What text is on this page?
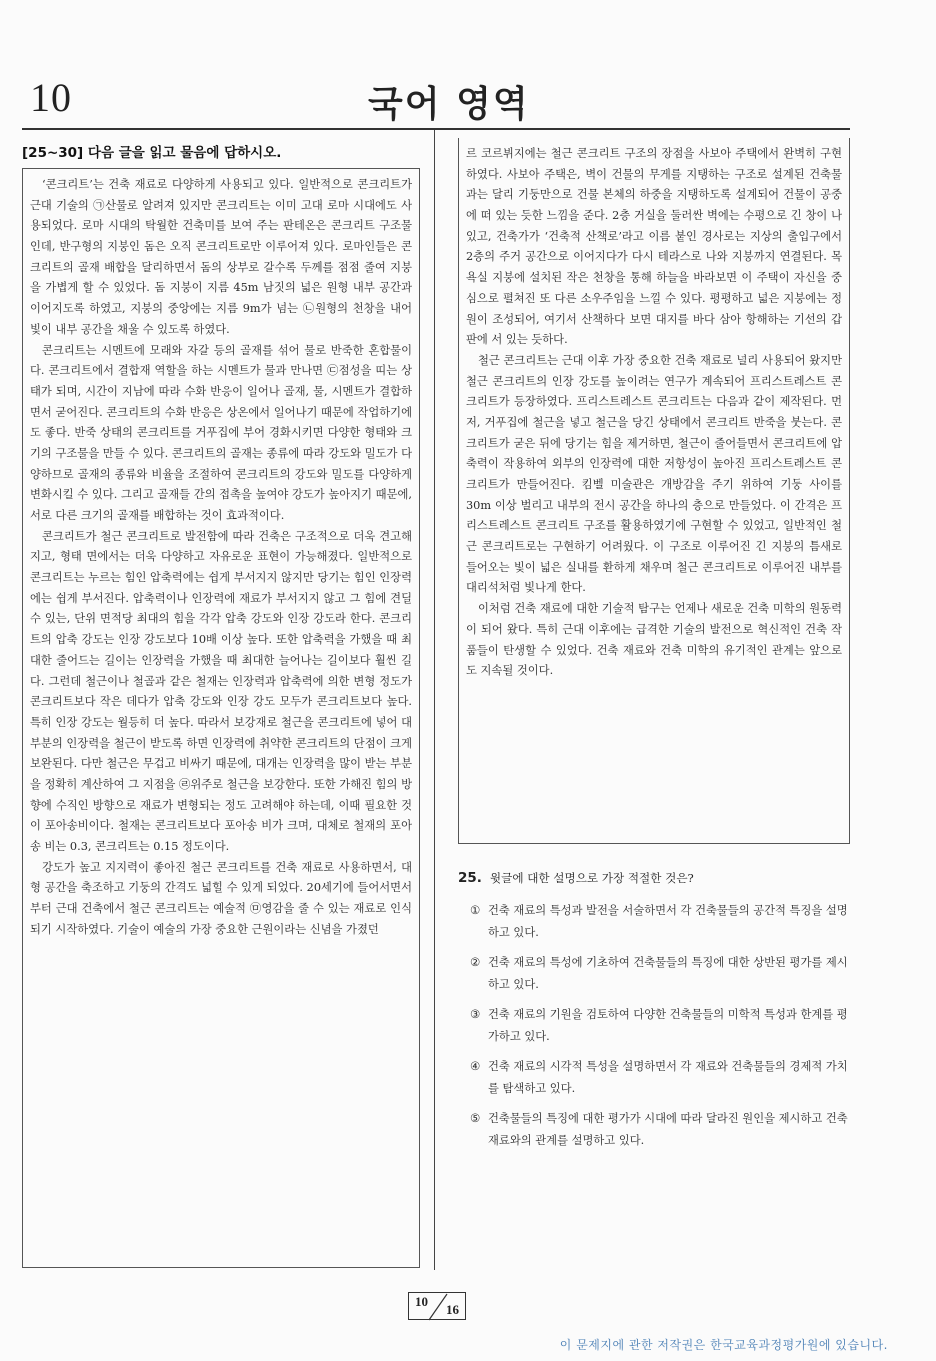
10	국어 영역
[25~30] 다음 글을 읽고 물음에 답하시오.

‘콘크리트’는 건축 재료로 다양하게 사용되고 있다. 일반적으로 콘크리트가 근대 기술의 ㉠산물로 알려져 있지만 콘크리트는 이미 고대 로마 시대에도 사용되었다. 로마 시대의 탁월한 건축미를 보여 주는 판테온은 콘크리트 구조물인데, 반구형의 지붕인 돔은 오직 콘크리트로만 이루어져 있다. 로마인들은 콘크리트의 골재 배합을 달리하면서 돔의 상부로 갈수록 두께를 점점 줄여 지붕을 가볍게 할 수 있었다. 돔 지붕이 지름 45m 남짓의 넓은 원형 내부 공간과 이어지도록 하였고, 지붕의 중앙에는 지름 9m가 넘는 ㉡원형의 천창을 내어 빛이 내부 공간을 채울 수 있도록 하였다.

콘크리트는 시멘트에 모래와 자갈 등의 골재를 섞어 물로 반죽한 혼합물이다. 콘크리트에서 결합재 역할을 하는 시멘트가 물과 만나면 ㉢점성을 띠는 상태가 되며, 시간이 지남에 따라 수화 반응이 일어나 골재, 물, 시멘트가 결합하면서 굳어진다. 콘크리트의 수화 반응은 상온에서 일어나기 때문에 작업하기에도 좋다. 반죽 상태의 콘크리트를 거푸집에 부어 경화시키면 다양한 형태와 크기의 구조물을 만들 수 있다. 콘크리트의 골재는 종류에 따라 강도와 밀도가 다양하므로 골재의 종류와 비율을 조절하여 콘크리트의 강도와 밀도를 다양하게 변화시킬 수 있다. 그리고 골재들 간의 접촉을 높여야 강도가 높아지기 때문에, 서로 다른 크기의 골재를 배합하는 것이 효과적이다.

콘크리트가 철근 콘크리트로 발전함에 따라 건축은 구조적으로 더욱 견고해지고, 형태 면에서는 더욱 다양하고 자유로운 표현이 가능해졌다. 일반적으로 콘크리트는 누르는 힘인 압축력에는 쉽게 부서지지 않지만 당기는 힘인 인장력에는 쉽게 부서진다. 압축력이나 인장력에 재료가 부서지지 않고 그 힘에 견딜 수 있는, 단위 면적당 최대의 힘을 각각 압축 강도와 인장 강도라 한다. 콘크리트의 압축 강도는 인장 강도보다 10배 이상 높다. 또한 압축력을 가했을 때 최대한 줄어드는 길이는 인장력을 가했을 때 최대한 늘어나는 길이보다 훨씬 길다. 그런데 철근이나 철골과 같은 철재는 인장력과 압축력에 의한 변형 정도가 콘크리트보다 작은 데다가 압축 강도와 인장 강도 모두가 콘크리트보다 높다. 특히 인장 강도는 월등히 더 높다. 따라서 보강재로 철근을 콘크리트에 넣어 대부분의 인장력을 철근이 받도록 하면 인장력에 취약한 콘크리트의 단점이 크게 보완된다. 다만 철근은 무겁고 비싸기 때문에, 대개는 인장력을 많이 받는 부분을 정확히 계산하여 그 지점을 ㉣위주로 철근을 보강한다. 또한 가해진 힘의 방향에 수직인 방향으로 재료가 변형되는 정도 고려해야 하는데, 이때 필요한 것이 포아송비이다. 철재는 콘크리트보다 포아송 비가 크며, 대체로 철재의 포아송 비는 0.3, 콘크리트는 0.15 정도이다.

강도가 높고 지지력이 좋아진 철근 콘크리트를 건축 재료로 사용하면서, 대형 공간을 축조하고 기둥의 간격도 넓힐 수 있게 되었다. 20세기에 들어서면서부터 근대 건축에서 철근 콘크리트는 예술적 ㉤영감을 줄 수 있는 재료로 인식되기 시작하였다. 기술이 예술의 가장 중요한 근원이라는 신념을 가졌던

르 코르뷔지에는 철근 콘크리트 구조의 장점을 사보아 주택에서 완벽히 구현하였다. 사보아 주택은, 벽이 건물의 무게를 지탱하는 구조로 설계된 건축물과는 달리 기둥만으로 건물 본체의 하중을 지탱하도록 설계되어 건물이 공중에 떠 있는 듯한 느낌을 준다. 2층 거실을 둘러싼 벽에는 수평으로 긴 창이 나 있고, 건축가가 ‘건축적 산책로’라고 이름 붙인 경사로는 지상의 출입구에서 2층의 주거 공간으로 이어지다가 다시 테라스로 나와 지붕까지 연결된다. 목욕실 지붕에 설치된 작은 천창을 통해 하늘을 바라보면 이 주택이 자신을 중심으로 펼쳐진 또 다른 소우주임을 느낄 수 있다. 평평하고 넓은 지붕에는 정원이 조성되어, 여기서 산책하다 보면 대지를 바다 삼아 항해하는 기선의 갑판에 서 있는 듯하다.

철근 콘크리트는 근대 이후 가장 중요한 건축 재료로 널리 사용되어 왔지만 철근 콘크리트의 인장 강도를 높이려는 연구가 계속되어 프리스트레스트 콘크리트가 등장하였다. 프리스트레스트 콘크리트는 다음과 같이 제작된다. 먼저, 거푸집에 철근을 넣고 철근을 당긴 상태에서 콘크리트 반죽을 붓는다. 콘크리트가 굳은 뒤에 당기는 힘을 제거하면, 철근이 줄어들면서 콘크리트에 압축력이 작용하여 외부의 인장력에 대한 저항성이 높아진 프리스트레스트 콘크리트가 만들어진다. 킴벨 미술관은 개방감을 주기 위하여 기둥 사이를 30m 이상 벌리고 내부의 전시 공간을 하나의 층으로 만들었다. 이 간격은 프리스트레스트 콘크리트 구조를 활용하였기에 구현할 수 있었고, 일반적인 철근 콘크리트로는 구현하기 어려웠다. 이 구조로 이루어진 긴 지붕의 틈새로 들어오는 빛이 넓은 실내를 환하게 채우며 철근 콘크리트로 이루어진 내부를 대리석처럼 빛나게 한다.

이처럼 건축 재료에 대한 기술적 탐구는 언제나 새로운 건축 미학의 원동력이 되어 왔다. 특히 근대 이후에는 급격한 기술의 발전으로 혁신적인 건축 작품들이 탄생할 수 있었다. 건축 재료와 건축 미학의 유기적인 관계는 앞으로도 지속될 것이다.

25. 윗글에 대한 설명으로 가장 적절한 것은?
① 건축 재료의 특성과 발전을 서술하면서 각 건축물들의 공간적 특징을 설명하고 있다.
② 건축 재료의 특성에 기초하여 건축물들의 특징에 대한 상반된 평가를 제시하고 있다.
③ 건축 재료의 기원을 검토하여 다양한 건축물들의 미학적 특성과 한계를 평가하고 있다.
④ 건축 재료의 시각적 특성을 설명하면서 각 재료와 건축물들의 경제적 가치를 탐색하고 있다.
⑤ 건축물들의 특징에 대한 평가가 시대에 따라 달라진 원인을 제시하고 건축 재료와의 관계를 설명하고 있다.
10
16
이 문제지에 관한 저작권은 한국교육과정평가원에 있습니다.
